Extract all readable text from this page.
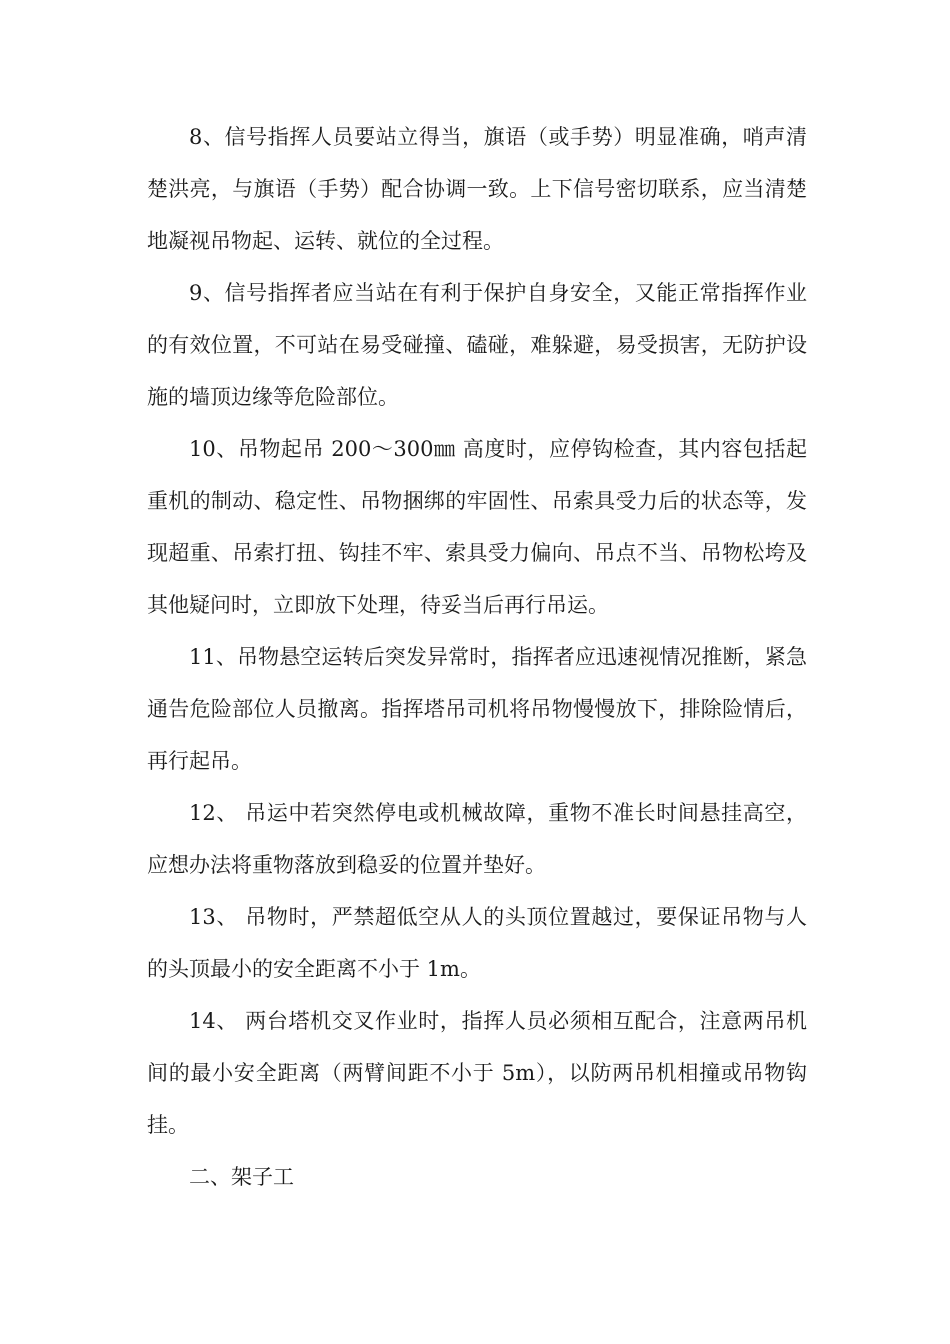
8、信号指挥人员要站立得当，旗语（或手势）明显准确，哨声清楚洪亮，与旗语（手势）配合协调一致。上下信号密切联系，应当清楚地凝视吊物起、运转、就位的全过程。

9、信号指挥者应当站在有利于保护自身安全，又能正常指挥作业的有效位置，不可站在易受碰撞、磕碰，难躲避，易受损害，无防护设施的墙顶边缘等危险部位。

10、吊物起吊 200～300㎜ 高度时，应停钩检查，其内容包括起重机的制动、稳定性、吊物捆绑的牢固性、吊索具受力后的状态等，发现超重、吊索打扭、钩挂不牢、索具受力偏向、吊点不当、吊物松垮及其他疑问时，立即放下处理，待妥当后再行吊运。

11、吊物悬空运转后突发异常时，指挥者应迅速视情况推断，紧急通告危险部位人员撤离。指挥塔吊司机将吊物慢慢放下，排除险情后，再行起吊。

12、 吊运中若突然停电或机械故障，重物不准长时间悬挂高空，应想办法将重物落放到稳妥的位置并垫好。

13、 吊物时，严禁超低空从人的头顶位置越过，要保证吊物与人的头顶最小的安全距离不小于 1m。

14、 两台塔机交叉作业时，指挥人员必须相互配合，注意两吊机间的最小安全距离（两臂间距不小于 5m），以防两吊机相撞或吊物钩挂。

二、架子工
